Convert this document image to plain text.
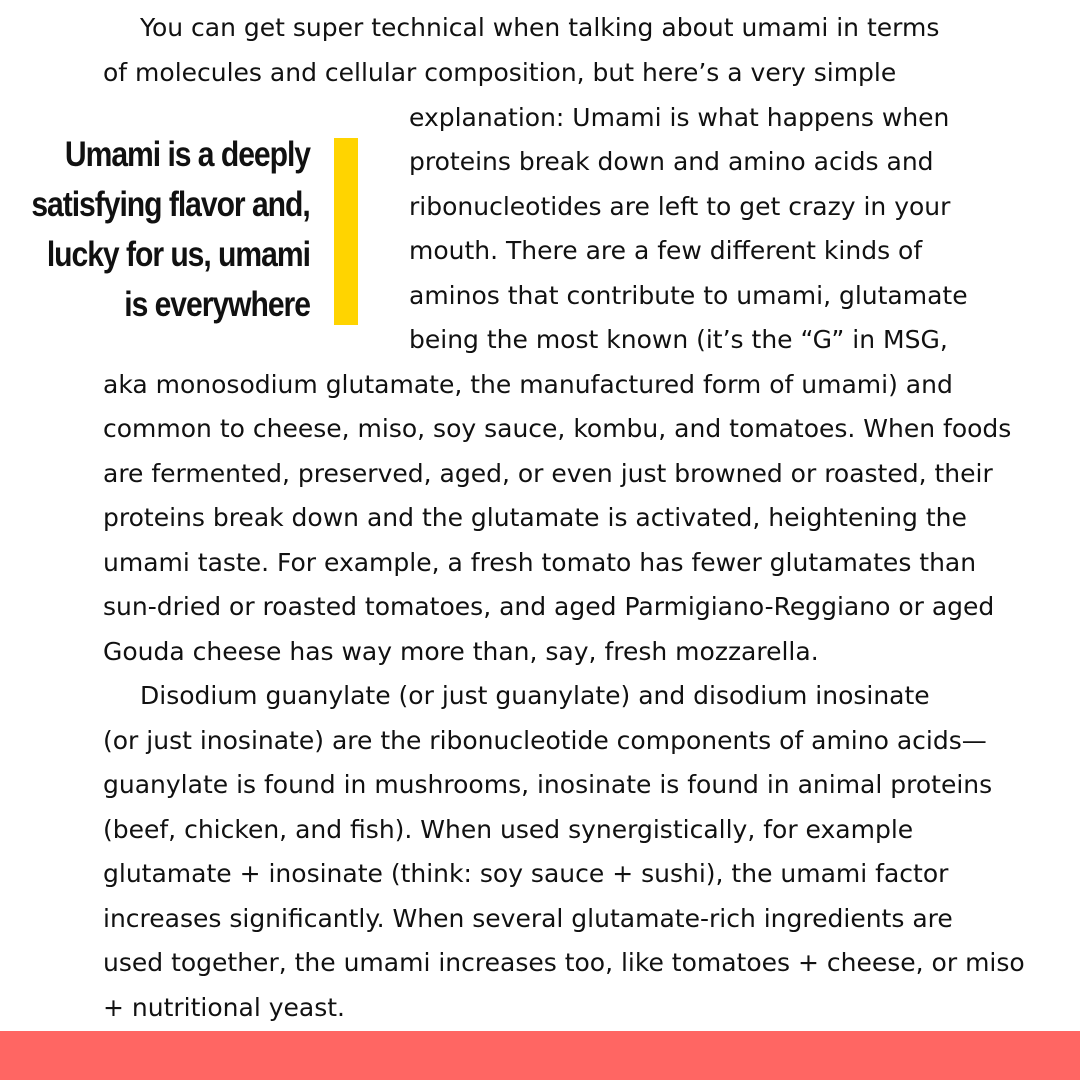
Umami is a deeply
satisfying flavor and,
lucky for us, umami
is everywhere
You can get super technical when talking about umami in terms
of molecules and cellular composition, but here’s a very simple
explanation: Umami is what happens when
proteins break down and amino acids and
ribonucleotides are left to get crazy in your
mouth. There are a few different kinds of
aminos that contribute to umami, glutamate
being the most known (it’s the “G” in MSG,
aka monosodium glutamate, the manufactured form of umami) and
common to cheese, miso, soy sauce, kombu, and tomatoes. When foods
are fermented, preserved, aged, or even just browned or roasted, their
proteins break down and the glutamate is activated, heightening the
umami taste. For example, a fresh tomato has fewer glutamates than
sun-dried or roasted tomatoes, and aged Parmigiano-Reggiano or aged
Gouda cheese has way more than, say, fresh mozzarella.
Disodium guanylate (or just guanylate) and disodium inosinate
(or just inosinate) are the ribonucleotide components of amino acids—
guanylate is found in mushrooms, inosinate is found in animal proteins
(beef, chicken, and fish). When used synergistically, for example
glutamate + inosinate (think: soy sauce + sushi), the umami factor
increases significantly. When several glutamate-rich ingredients are
used together, the umami increases too, like tomatoes + cheese, or miso
+ nutritional yeast.
